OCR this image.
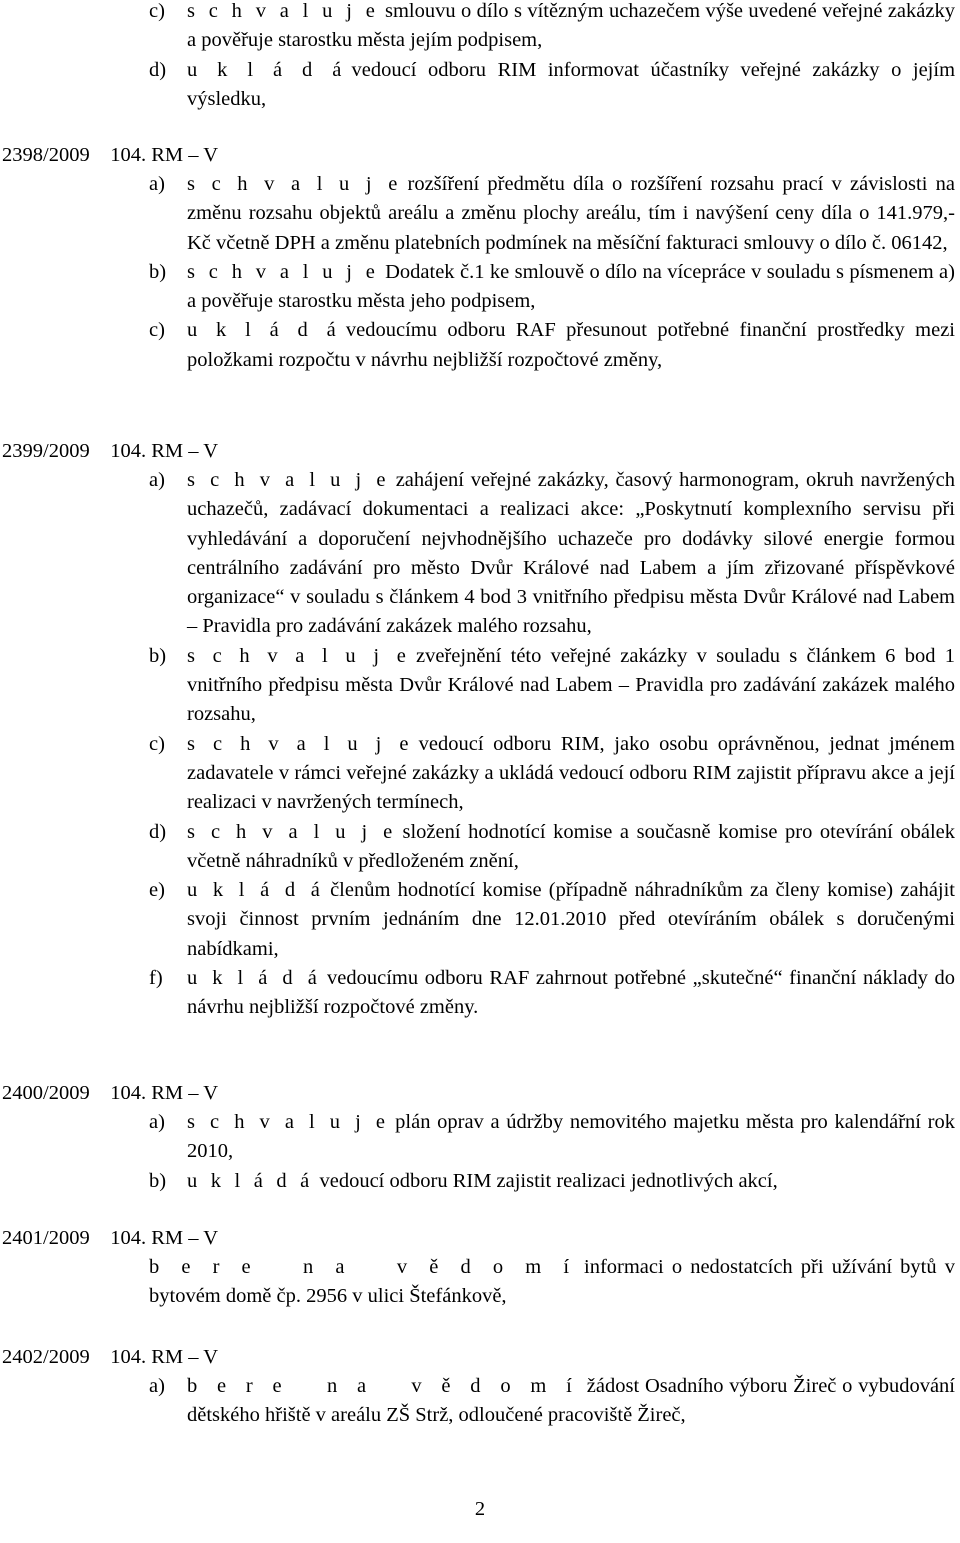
c) s c h v a l u j e smlouvu o dílo s vítězným uchazečem výše uvedené veřejné zakázky a pověřuje starostku města jejím podpisem,
d) u k l á d á vedoucí odboru RIM informovat účastníky veřejné zakázky o jejím výsledku,
2398/2009 104. RM – V
a) s c h v a l u j e rozšíření předmětu díla o rozšíření rozsahu prací v závislosti na změnu rozsahu objektů areálu a změnu plochy areálu, tím i navýšení ceny díla o 141.979,- Kč včetně DPH a změnu platebních podmínek na měsíční fakturaci smlouvy o dílo č. 06142,
b) s c h v a l u j e Dodatek č.1 ke smlouvě o dílo na vícepráce v souladu s písmenem a) a pověřuje starostku města jeho podpisem,
c) u k l á d á vedoucímu odboru RAF přesunout potřebné finanční prostředky mezi položkami rozpočtu v návrhu nejbližší rozpočtové změny,
2399/2009 104. RM – V
a) s c h v a l u j e zahájení veřejné zakázky, časový harmonogram, okruh navržených uchazečů, zadávací dokumentaci a realizaci akce: „Poskytnutí komplexního servisu při vyhledávání a doporučení nejvhodnějšího uchazeče pro dodávky silové energie formou centrálního zadávání pro město Dvůr Králové nad Labem a jím zřizované příspěvkové organizace“ v souladu s článkem 4 bod 3 vnitřního předpisu města Dvůr Králové nad Labem – Pravidla pro zadávání zakázek malého rozsahu,
b) s c h v a l u j e zveřejnění této veřejné zakázky v souladu s článkem 6 bod 1 vnitřního předpisu města Dvůr Králové nad Labem – Pravidla pro zadávání zakázek malého rozsahu,
c) s c h v a l u j e vedoucí odboru RIM, jako osobu oprávněnou, jednat jménem zadavatele v rámci veřejné zakázky a ukládá vedoucí odboru RIM zajistit přípravu akce a její realizaci v navržených termínech,
d) s c h v a l u j e složení hodnotící komise a současně komise pro otevírání obálek včetně náhradníků v předloženém znění,
e) u k l á d á členům hodnotící komise (případně náhradníkům za členy komise) zahájit svoji činnost prvním jednáním dne 12.01.2010 před otevíráním obálek s doručenými nabídkami,
f) u k l á d á vedoucímu odboru RAF zahrnout potřebné „skutečné“ finanční náklady do návrhu nejbližší rozpočtové změny.
2400/2009 104. RM – V
a) s c h v a l u j e plán oprav a údržby nemovitého majetku města pro kalendářní rok 2010,
b) u k l á d á vedoucí odboru RIM zajistit realizaci jednotlivých akcí,
2401/2009 104. RM – V
b e r e   n a   v ě d o m í informaci o nedostatcích při užívání bytů v bytovém domě čp. 2956 v ulici Štefánkově,
2402/2009 104. RM – V
a) b e r e   n a   v ě d o m í žádost Osadního výboru Žireč o vybudování dětského hřiště v areálu ZŠ Strž, odloučené pracoviště Žireč,
2
